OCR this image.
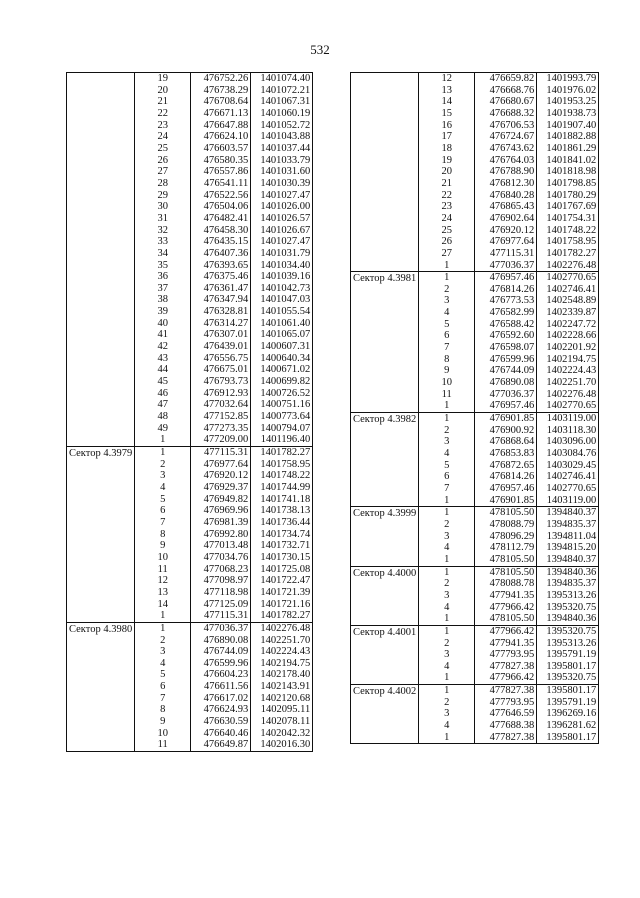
532
	19	476752.26	1401074.40
	20	476738.29	1401072.21
	21	476708.64	1401067.31
	22	476671.13	1401060.19
	23	476647.88	1401052.72
	24	476624.10	1401043.88
	25	476603.57	1401037.44
	26	476580.35	1401033.79
	27	476557.86	1401031.60
	28	476541.11	1401030.39
	29	476522.56	1401027.47
	30	476504.06	1401026.00
	31	476482.41	1401026.57
	32	476458.30	1401026.67
	33	476435.15	1401027.47
	34	476407.36	1401031.79
	35	476393.65	1401034.40
	36	476375.46	1401039.16
	37	476361.47	1401042.73
	38	476347.94	1401047.03
	39	476328.81	1401055.54
	40	476314.27	1401061.40
	41	476307.01	1401065.07
	42	476439.01	1400607.31
	43	476556.75	1400640.34
	44	476675.01	1400671.02
	45	476793.73	1400699.82
	46	476912.93	1400726.52
	47	477032.64	1400751.16
	48	477152.85	1400773.64
	49	477273.35	1400794.07
	1	477209.00	1401196.40
Сектор 4.3979	1	477115.31	1401782.27
	2	476977.64	1401758.95
	3	476920.12	1401748.22
	4	476929.37	1401744.99
	5	476949.82	1401741.18
	6	476969.96	1401738.13
	7	476981.39	1401736.44
	8	476992.80	1401734.74
	9	477013.48	1401732.71
	10	477034.76	1401730.15
	11	477068.23	1401725.08
	12	477098.97	1401722.47
	13	477118.98	1401721.39
	14	477125.09	1401721.16
	1	477115.31	1401782.27
Сектор 4.3980	1	477036.37	1402276.48
	2	476890.08	1402251.70
	3	476744.09	1402224.43
	4	476599.96	1402194.75
	5	476604.23	1402178.40
	6	476611.56	1402143.91
	7	476617.02	1402120.68
	8	476624.93	1402095.11
	9	476630.59	1402078.11
	10	476640.46	1402042.32
	11	476649.87	1402016.30
	12	476659.82	1401993.79
	13	476668.76	1401976.02
	14	476680.67	1401953.25
	15	476688.32	1401938.73
	16	476706.53	1401907.40
	17	476724.67	1401882.88
	18	476743.62	1401861.29
	19	476764.03	1401841.02
	20	476788.90	1401818.98
	21	476812.30	1401798.85
	22	476840.28	1401780.29
	23	476865.43	1401767.69
	24	476902.64	1401754.31
	25	476920.12	1401748.22
	26	476977.64	1401758.95
	27	477115.31	1401782.27
	1	477036.37	1402276.48
Сектор 4.3981	1	476957.46	1402770.65
	2	476814.26	1402746.41
	3	476773.53	1402548.89
	4	476582.99	1402339.87
	5	476588.42	1402247.72
	6	476592.60	1402228.66
	7	476598.07	1402201.92
	8	476599.96	1402194.75
	9	476744.09	1402224.43
	10	476890.08	1402251.70
	11	477036.37	1402276.48
	1	476957.46	1402770.65
Сектор 4.3982	1	476901.85	1403119.00
	2	476900.92	1403118.30
	3	476868.64	1403096.00
	4	476853.83	1403084.76
	5	476872.65	1403029.45
	6	476814.26	1402746.41
	7	476957.46	1402770.65
	1	476901.85	1403119.00
Сектор 4.3999	1	478105.50	1394840.37
	2	478088.79	1394835.37
	3	478096.29	1394811.04
	4	478112.79	1394815.20
	1	478105.50	1394840.37
Сектор 4.4000	1	478105.50	1394840.36
	2	478088.78	1394835.37
	3	477941.35	1395313.26
	4	477966.42	1395320.75
	1	478105.50	1394840.36
Сектор 4.4001	1	477966.42	1395320.75
	2	477941.35	1395313.26
	3	477793.95	1395791.19
	4	477827.38	1395801.17
	1	477966.42	1395320.75
Сектор 4.4002	1	477827.38	1395801.17
	2	477793.95	1395791.19
	3	477646.59	1396269.16
	4	477688.38	1396281.62
	1	477827.38	1395801.17
